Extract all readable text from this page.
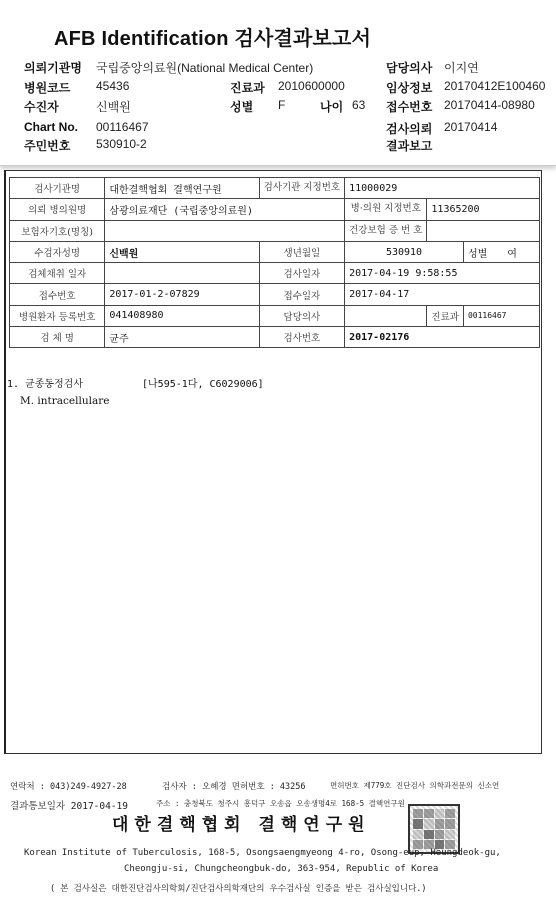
AFB Identification 검사결과보고서
의뢰기관명 국립중앙의료원(National Medical Center)	담당의사 이지연
병원코드 45436	진료과 2010600000	임상정보 20170412E100460
수진자	신백원	성별 F	나이 63 접수번호 20170414-08980
Chart No. 00116467	검사의뢰 20170414
주민번호 530910-2	결과보고
검사기관명	대한결핵협회 결핵연구원	검사기관 지정번호	11000029		
의뢰 병의원명	삼광의료재단 (국립중앙의료원)		병·의원 지정번호	11365200	
보험자기호(명칭)			건강보험 증 번 호		
수검자성명	신백원	생년월일	530910		성별 여
검체채취 일자		검사일자	2017-04-19 9:58:55		
접수번호	2017-01-2-07829	접수일자	2017-04-17		
병원환자 등록번호	041408980	담당의사		진료과	00116467
검 체 명	균주	검사번호	2017-02176		
1. 균종동정검사	[나595-1다, C6029006]
M. intracellulare
연락처 : 043)249-4927-28	검사자 : 오혜경 면허번호 : 43256	면허번호 제779호 진단검사 의학과전문의 신소연
결과통보일자 2017-04-19	주소 : 충청북도 청주시 흥덕구 오송읍 오송생명4로 168-5 결핵연구원
대한결핵협회 결핵연구원
Korean Institute of Tuberculosis, 168-5, Osongsaengmyeong 4-ro, Osong-eup, Heungdeok-gu,
Cheongju-si, Chungcheongbuk-do, 363-954, Republic of Korea
( 본 검사실은 대한진단검사의학회/진단검사의학재단의 우수검사실 인증을 받은 검사실입니다.)
